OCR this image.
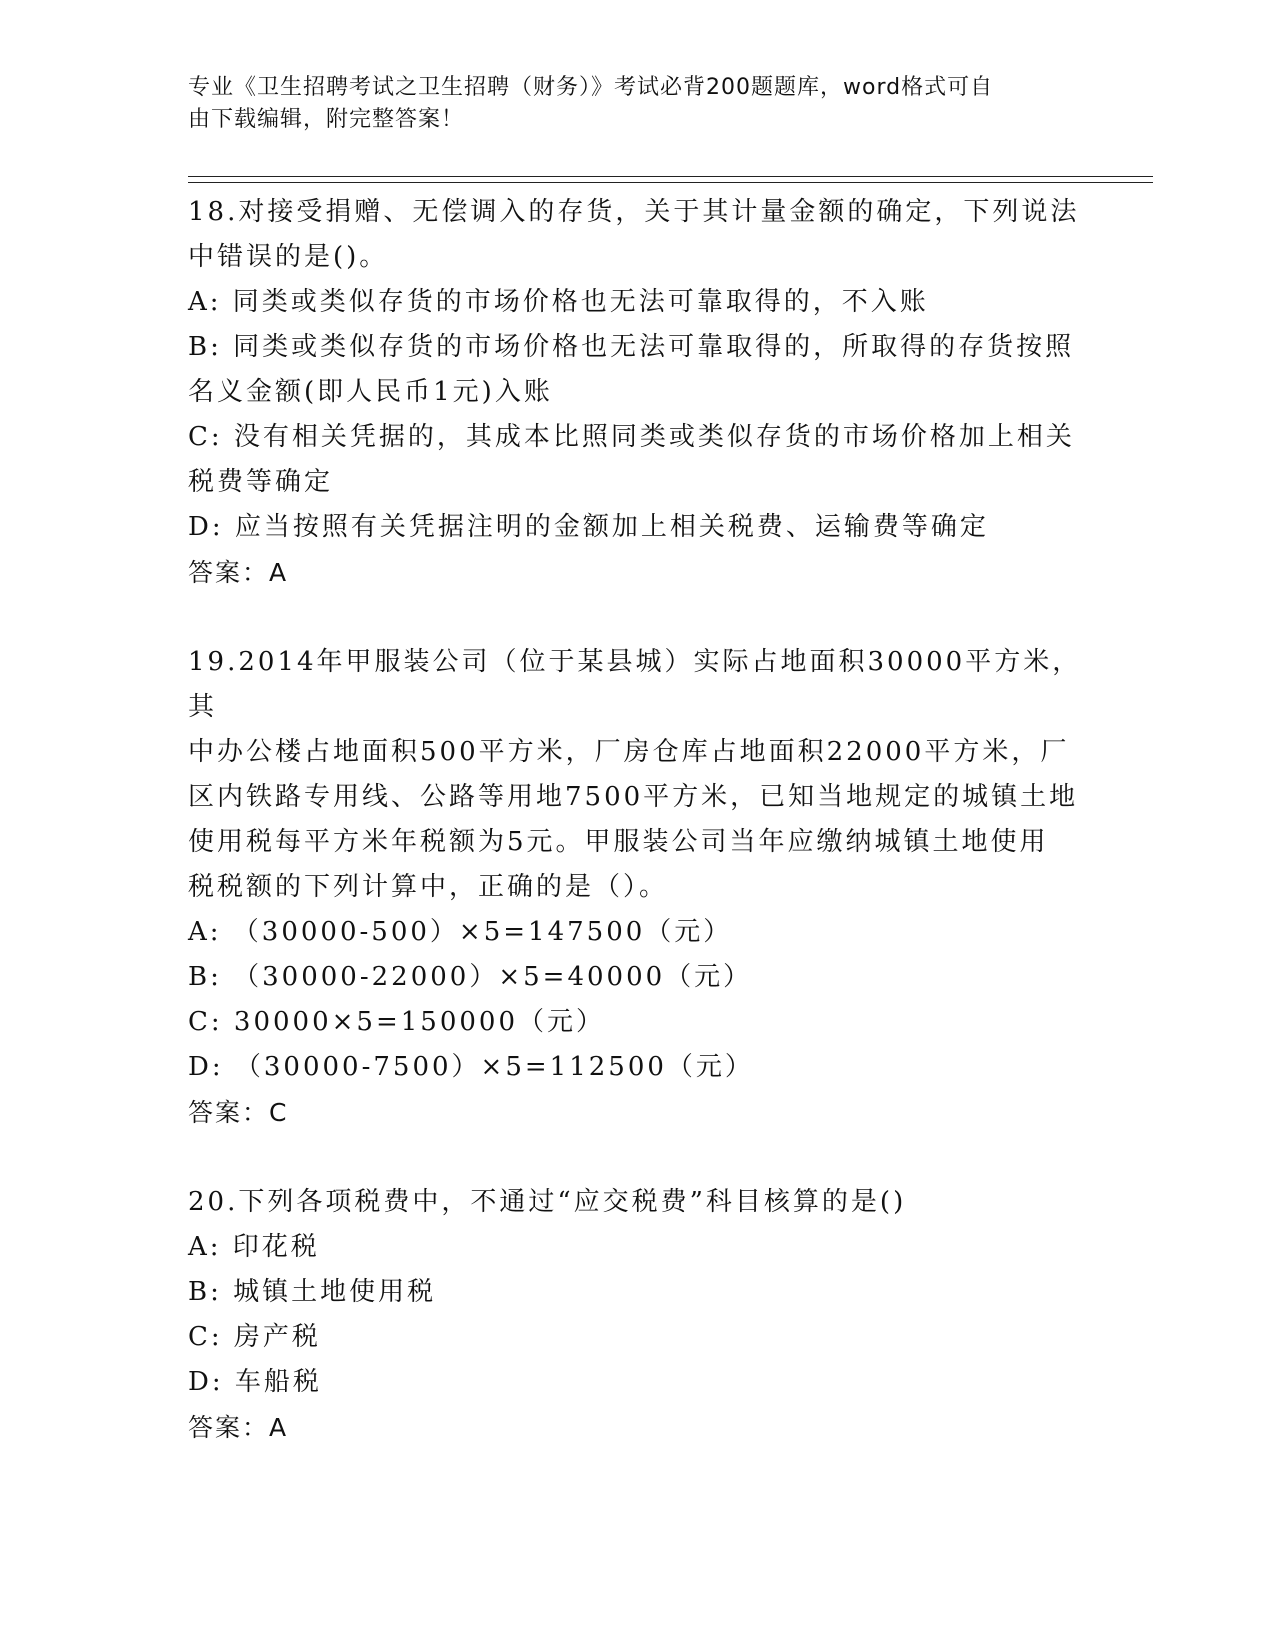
专业《卫生招聘考试之卫生招聘（财务）》考试必背200题题库，word格式可自
由下载编辑，附完整答案！

18.对接受捐赠、无偿调入的存货，关于其计量金额的确定，下列说法

中错误的是()。

A: 同类或类似存货的市场价格也无法可靠取得的，不入账

B: 同类或类似存货的市场价格也无法可靠取得的，所取得的存货按照

名义金额(即人民币1元)入账

C: 没有相关凭据的，其成本比照同类或类似存货的市场价格加上相关

税费等确定

D: 应当按照有关凭据注明的金额加上相关税费、运输费等确定

答案：A

19.2014年甲服装公司（位于某县城）实际占地面积30000平方米，其

中办公楼占地面积500平方米，厂房仓库占地面积22000平方米，厂

区内铁路专用线、公路等用地7500平方米，已知当地规定的城镇土地

使用税每平方米年税额为5元。甲服装公司当年应缴纳城镇土地使用

税税额的下列计算中，正确的是（）。

A: （30000-500）×5=147500（元）

B: （30000-22000）×5=40000（元）

C: 30000×5=150000（元）

D: （30000-7500）×5=112500（元）

答案：C

20.下列各项税费中，不通过“应交税费”科目核算的是()

A: 印花税

B: 城镇土地使用税

C: 房产税

D: 车船税

答案：A
